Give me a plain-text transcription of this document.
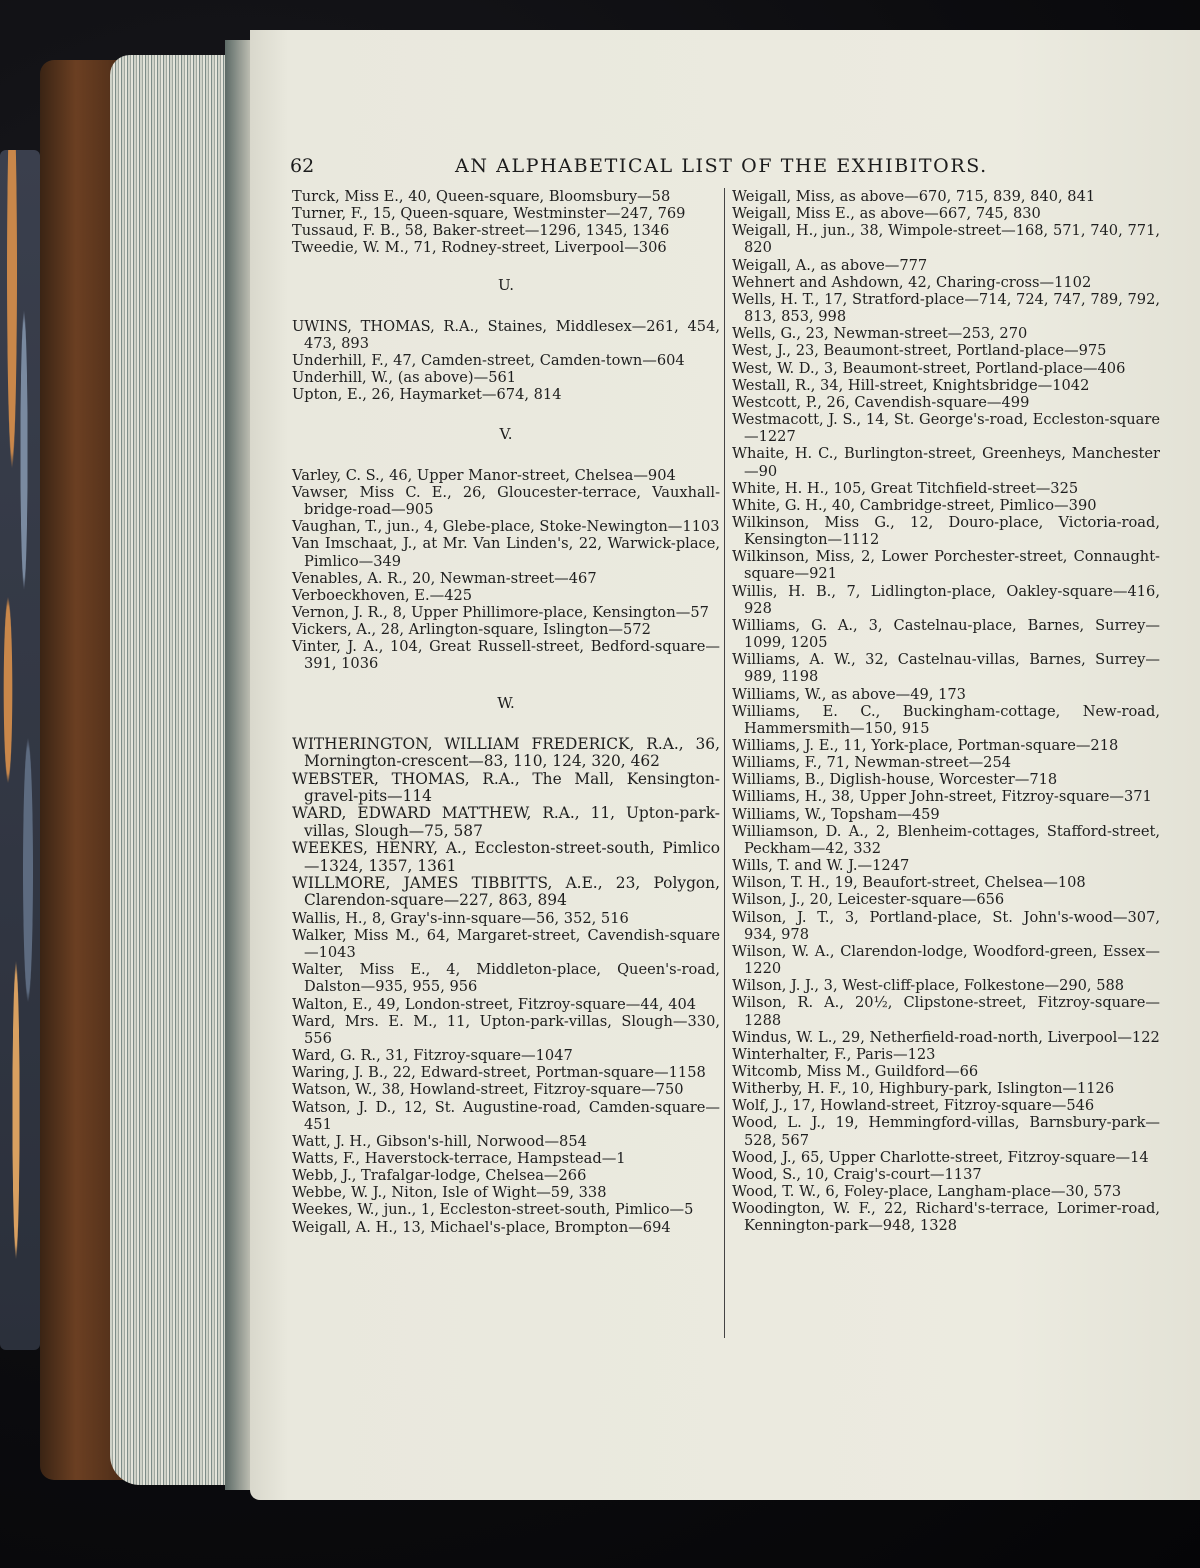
62	AN ALPHABETICAL LIST OF THE EXHIBITORS.

Turck, Miss E., 40, Queen-square, Bloomsbury—58

Turner, F., 15, Queen-square, Westminster—247, 769

Tussaud, F. B., 58, Baker-street—1296, 1345, 1346

Tweedie, W. M., 71, Rodney-street, Liverpool—306

U.

UWINS, THOMAS, R.A., Staines, Middlesex—261, 454, 473, 893

Underhill, F., 47, Camden-street, Camden-town—604

Underhill, W., (as above)—561

Upton, E., 26, Haymarket—674, 814

V.

Varley, C. S., 46, Upper Manor-street, Chelsea—904

Vawser, Miss C. E., 26, Gloucester-terrace, Vauxhall-bridge-road—905

Vaughan, T., jun., 4, Glebe-place, Stoke-Newington—1103

Van Imschaat, J., at Mr. Van Linden's, 22, Warwick-place, Pimlico—349

Venables, A. R., 20, Newman-street—467

Verboeckhoven, E.—425

Vernon, J. R., 8, Upper Phillimore-place, Kensington—57

Vickers, A., 28, Arlington-square, Islington—572

Vinter, J. A., 104, Great Russell-street, Bedford-square—391, 1036

W.

WITHERINGTON, WILLIAM FREDERICK, R.A., 36, Mornington-crescent—83, 110, 124, 320, 462

WEBSTER, THOMAS, R.A., The Mall, Kensington-gravel-pits—114

WARD, EDWARD MATTHEW, R.A., 11, Upton-park-villas, Slough—75, 587

WEEKES, HENRY, A., Eccleston-street-south, Pimlico—1324, 1357, 1361

WILLMORE, JAMES TIBBITTS, A.E., 23, Polygon, Clarendon-square—227, 863, 894

Wallis, H., 8, Gray's-inn-square—56, 352, 516

Walker, Miss M., 64, Margaret-street, Cavendish-square—1043

Walter, Miss E., 4, Middleton-place, Queen's-road, Dalston—935, 955, 956

Walton, E., 49, London-street, Fitzroy-square—44, 404

Ward, Mrs. E. M., 11, Upton-park-villas, Slough—330, 556

Ward, G. R., 31, Fitzroy-square—1047

Waring, J. B., 22, Edward-street, Portman-square—1158

Watson, W., 38, Howland-street, Fitzroy-square—750

Watson, J. D., 12, St. Augustine-road, Camden-square—451

Watt, J. H., Gibson's-hill, Norwood—854

Watts, F., Haverstock-terrace, Hampstead—1

Webb, J., Trafalgar-lodge, Chelsea—266

Webbe, W. J., Niton, Isle of Wight—59, 338

Weekes, W., jun., 1, Eccleston-street-south, Pimlico—5

Weigall, A. H., 13, Michael's-place, Brompton—694

Weigall, Miss, as above—670, 715, 839, 840, 841

Weigall, Miss E., as above—667, 745, 830

Weigall, H., jun., 38, Wimpole-street—168, 571, 740, 771, 820

Weigall, A., as above—777

Wehnert and Ashdown, 42, Charing-cross—1102

Wells, H. T., 17, Stratford-place—714, 724, 747, 789, 792, 813, 853, 998

Wells, G., 23, Newman-street—253, 270

West, J., 23, Beaumont-street, Portland-place—975

West, W. D., 3, Beaumont-street, Portland-place—406

Westall, R., 34, Hill-street, Knightsbridge—1042

Westcott, P., 26, Cavendish-square—499

Westmacott, J. S., 14, St. George's-road, Eccleston-square—1227

Whaite, H. C., Burlington-street, Greenheys, Manchester—90

White, H. H., 105, Great Titchfield-street—325

White, G. H., 40, Cambridge-street, Pimlico—390

Wilkinson, Miss G., 12, Douro-place, Victoria-road, Kensington—1112

Wilkinson, Miss, 2, Lower Porchester-street, Connaught-square—921

Willis, H. B., 7, Lidlington-place, Oakley-square—416, 928

Williams, G. A., 3, Castelnau-place, Barnes, Surrey—1099, 1205

Williams, A. W., 32, Castelnau-villas, Barnes, Surrey—989, 1198

Williams, W., as above—49, 173

Williams, E. C., Buckingham-cottage, New-road, Hammersmith—150, 915

Williams, J. E., 11, York-place, Portman-square—218

Williams, F., 71, Newman-street—254

Williams, B., Diglish-house, Worcester—718

Williams, H., 38, Upper John-street, Fitzroy-square—371

Williams, W., Topsham—459

Williamson, D. A., 2, Blenheim-cottages, Stafford-street, Peckham—42, 332

Wills, T. and W. J.—1247

Wilson, T. H., 19, Beaufort-street, Chelsea—108

Wilson, J., 20, Leicester-square—656

Wilson, J. T., 3, Portland-place, St. John's-wood—307, 934, 978

Wilson, W. A., Clarendon-lodge, Woodford-green, Essex—1220

Wilson, J. J., 3, West-cliff-place, Folkestone—290, 588

Wilson, R. A., 20½, Clipstone-street, Fitzroy-square—1288

Windus, W. L., 29, Netherfield-road-north, Liverpool—122

Winterhalter, F., Paris—123

Witcomb, Miss M., Guildford—66

Witherby, H. F., 10, Highbury-park, Islington—1126

Wolf, J., 17, Howland-street, Fitzroy-square—546

Wood, L. J., 19, Hemmingford-villas, Barnsbury-park—528, 567

Wood, J., 65, Upper Charlotte-street, Fitzroy-square—14

Wood, S., 10, Craig's-court—1137

Wood, T. W., 6, Foley-place, Langham-place—30, 573

Woodington, W. F., 22, Richard's-terrace, Lorimer-road, Kennington-park—948, 1328
